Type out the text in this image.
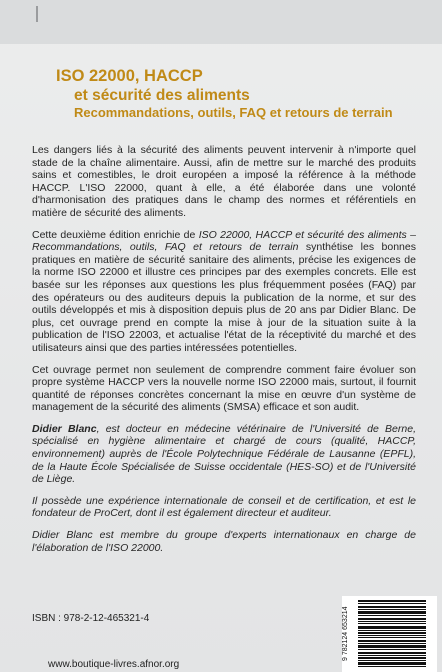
ISO 22000, HACCP

et sécurité des aliments

Recommandations, outils, FAQ et retours de terrain

Les dangers liés à la sécurité des aliments peuvent intervenir à n'importe quel stade de la chaîne alimentaire. Aussi, afin de mettre sur le marché des produits sains et comestibles, le droit européen a imposé la référence à la méthode HACCP. L'ISO 22000, quant à elle, a été élaborée dans une volonté d'harmonisation des pratiques dans le champ des normes et référentiels en matière de sécurité des aliments.

Cette deuxième édition enrichie de ISO 22000, HACCP et sécurité des aliments – Recommandations, outils, FAQ et retours de terrain synthétise les bonnes pratiques en matière de sécurité sanitaire des aliments, précise les exigences de la norme ISO 22000 et illustre ces principes par des exemples concrets. Elle est basée sur les réponses aux questions les plus fréquemment posées (FAQ) par des opérateurs ou des auditeurs depuis la publication de la norme, et sur des outils développés et mis à disposition depuis plus de 20 ans par Didier Blanc. De plus, cet ouvrage prend en compte la mise à jour de la situation suite à la publication de l'ISO 22003, et actualise l'état de la réceptivité du marché et des utilisateurs ainsi que des parties intéressées potentielles.

Cet ouvrage permet non seulement de comprendre comment faire évoluer son propre système HACCP vers la nouvelle norme ISO 22000 mais, surtout, il fournit quantité de réponses concrètes concernant la mise en œuvre d'un système de management de la sécurité des aliments (SMSA) efficace et son audit.

Didier Blanc, est docteur en médecine vétérinaire de l'Université de Berne, spécialisé en hygiène alimentaire et chargé de cours (qualité, HACCP, environnement) auprès de l'École Polytechnique Fédérale de Lausanne (EPFL), de la Haute École Spécialisée de Suisse occidentale (HES-SO) et de l'Université de Liège.

Il possède une expérience internationale de conseil et de certification, et est le fondateur de ProCert, dont il est également directeur et auditeur.

Didier Blanc est membre du groupe d'experts internationaux en charge de l'élaboration de l'ISO 22000.

ISBN : 978-2-12-465321-4
www.boutique-livres.afnor.org
9 782124 653214
